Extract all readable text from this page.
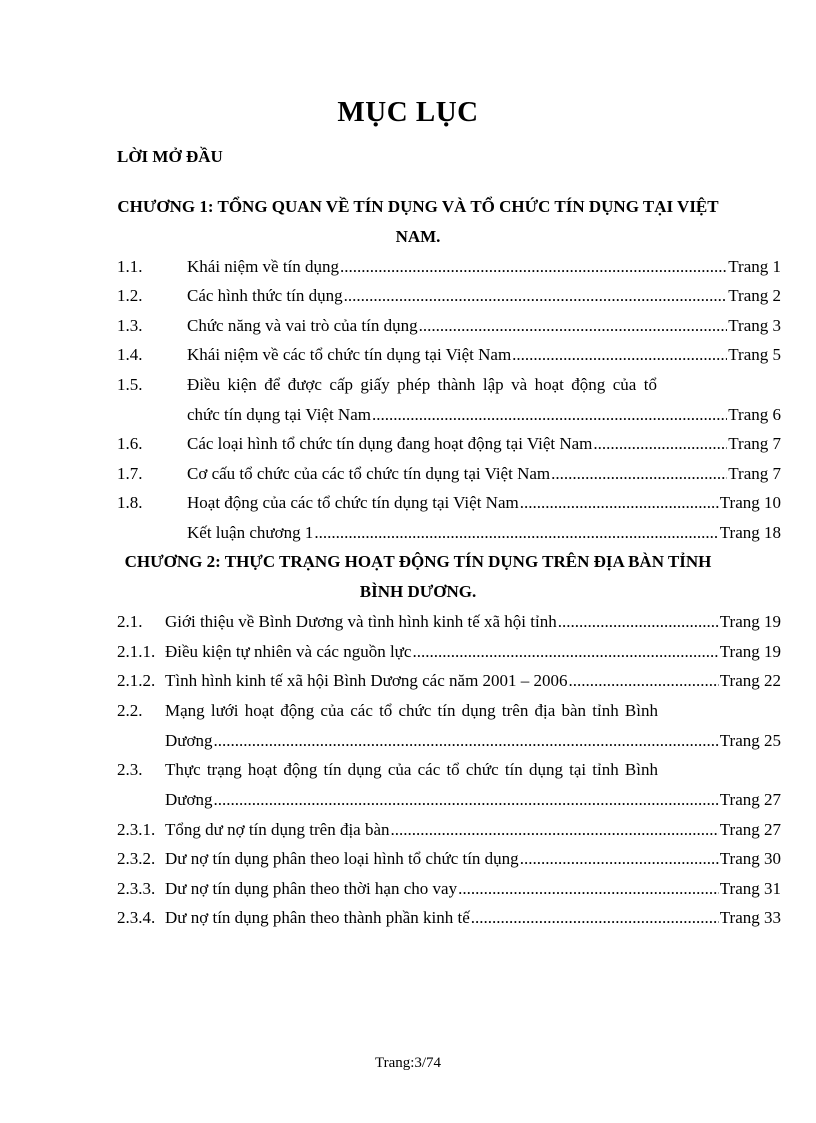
MỤC LỤC
LỜI MỞ ĐẦU
CHƯƠNG 1: TỔNG QUAN VỀ TÍN DỤNG VÀ TỔ CHỨC TÍN DỤNG TẠI VIỆT
NAM.
1.1.	Khái niệm về tín dụng .....	Trang 1
1.2.	Các hình thức tín dụng .....	Trang 2
1.3.	Chức năng và vai trò của tín dụng .....	Trang 3
1.4.	Khái niệm về các tổ chức tín dụng tại Việt Nam .....	Trang 5
1.5.	Điều kiện để được cấp giấy phép thành lập và hoạt động của tổ
chức tín dụng tại Việt Nam .....	Trang 6
1.6.	Các loại hình tổ chức tín dụng đang hoạt động tại Việt Nam .....	Trang 7
1.7.	Cơ cấu tổ chức của các tổ chức tín dụng tại Việt Nam .....	Trang 7
1.8.	Hoạt động của các tổ chức tín dụng tại Việt Nam .....	Trang 10
Kết luận chương 1 .....	Trang 18
CHƯƠNG 2: THỰC TRẠNG HOẠT ĐỘNG TÍN DỤNG TRÊN ĐỊA BÀN TỈNH
BÌNH DƯƠNG.
2.1. Giới thiệu về Bình Dương và tình hình kinh tế xã hội tỉnh .....	Trang 19
2.1.1. Điều kiện tự nhiên và các nguồn lực .....	Trang 19
2.1.2. Tình hình kinh tế xã hội Bình Dương các năm 2001 – 2006 .....	Trang 22
2.2. Mạng lưới hoạt động của các tổ chức tín dụng trên địa bàn tỉnh Bình
Dương .....	Trang 25
2.3. Thực trạng hoạt động tín dụng của các tổ chức tín dụng tại tỉnh Bình
Dương .....	Trang 27
2.3.1. Tổng dư nợ tín dụng trên địa bàn .....	Trang 27
2.3.2. Dư nợ tín dụng phân theo loại hình tổ chức tín dụng .....	Trang 30
2.3.3. Dư nợ tín dụng phân theo thời hạn cho vay .....	Trang 31
2.3.4. Dư nợ tín dụng phân theo thành phần kinh tế .....	Trang 33
Trang:3/74
